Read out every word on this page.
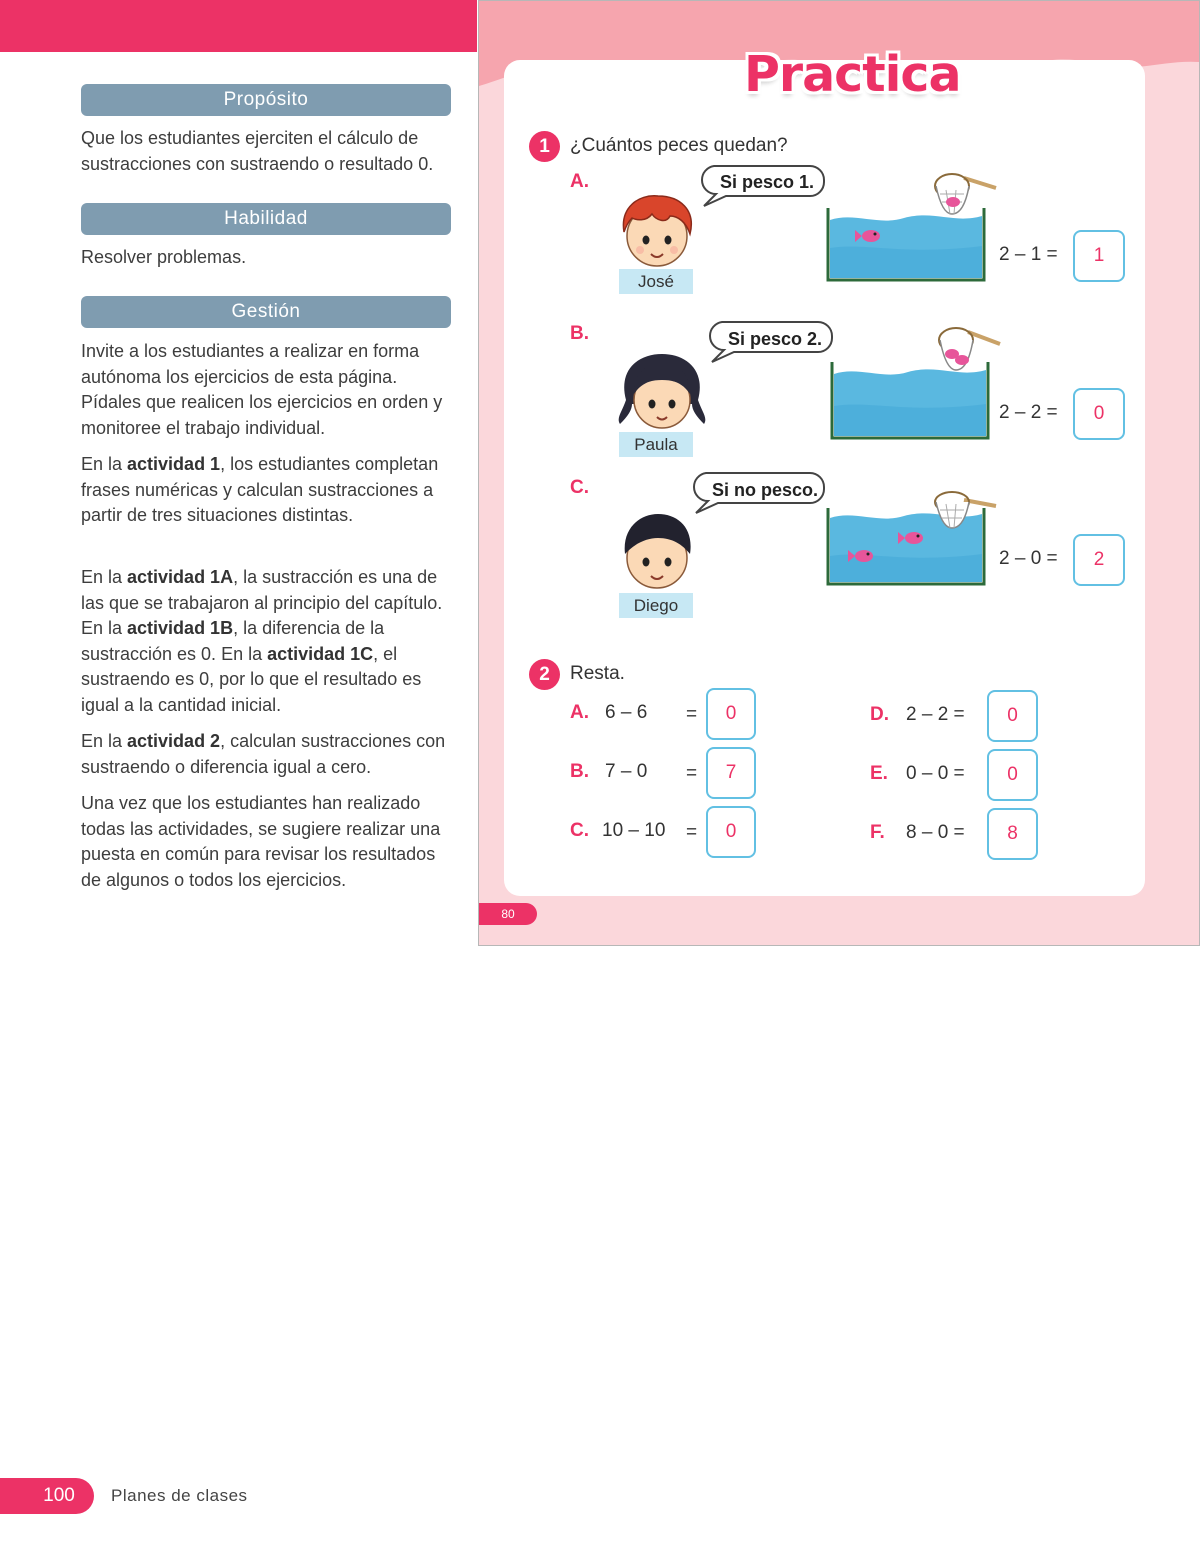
Propósito

Que los estudiantes ejerciten el cálculo de sustracciones con sustraendo o resultado 0.

Habilidad

Resolver problemas.

Gestión

Invite a los estudiantes a realizar en forma autónoma los ejercicios de esta página. Pídales que realicen los ejercicios en orden y monitoree el trabajo individual.

En la actividad 1, los estudiantes completan frases numéricas y calculan sustracciones a partir de tres situaciones distintas.

En la actividad 1A, la sustracción es una de las que se trabajaron al principio del capítulo. En la actividad 1B, la diferencia de la sustracción es 0. En la actividad 1C, el sustraendo es 0, por lo que el resultado es igual a la cantidad inicial.

En la actividad 2, calculan sustracciones con sustraendo o diferencia igual a cero.

Una vez que los estudiantes han realizado todas las actividades, se sugiere realizar una puesta en común para revisar los resultados de algunos o todos los ejercicios.

100	Planes de clases
Practica
1	¿Cuántos peces quedan?
A.	Si pesco 1.
José
2 – 1 =	1
B.	Si pesco 2.
Paula
2 – 2 =	0
C.	Si no pesco.
Diego
2 – 0 =	2
2	Resta.
A. 6 – 6 =	0
B. 7 – 0 =	7
C. 10 – 10 =	0
D. 2 – 2 =	0
E. 0 – 0 =	0
F. 8 – 0 =	8
80
